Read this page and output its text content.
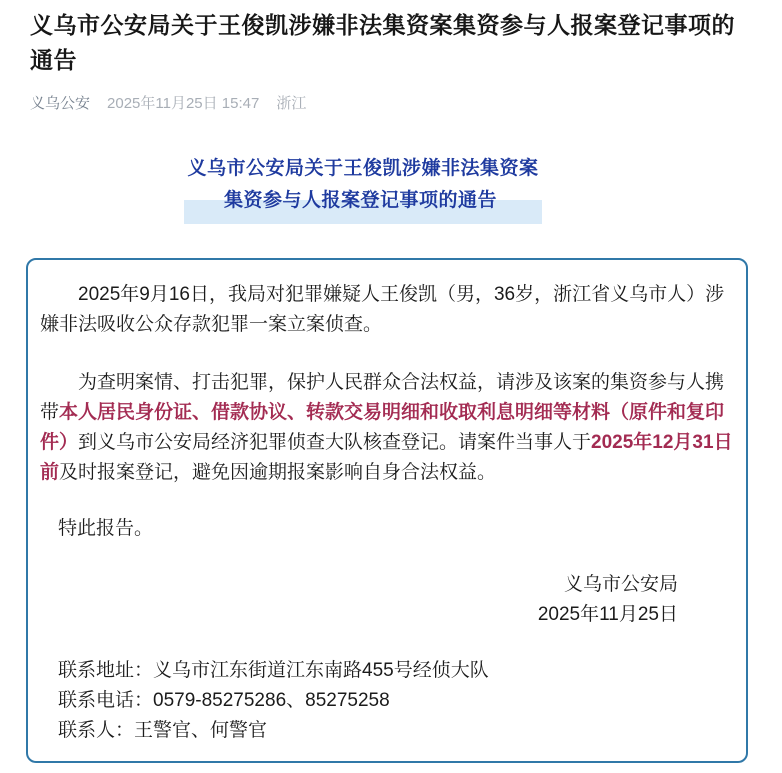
义乌市公安局关于王俊凯涉嫌非法集资案集资参与人报案登记事项的
通告
义乌公安 2025年11月25日 15:47 浙江
义乌市公安局关于王俊凯涉嫌非法集资案
集资参与人报案登记事项的通告

2025年9月16日，我局对犯罪嫌疑人王俊凯（男，36岁，浙江省义乌市人）涉嫌非法吸收公众存款犯罪一案立案侦查。

为查明案情、打击犯罪，保护人民群众合法权益，请涉及该案的集资参与人携带本人居民身份证、借款协议、转款交易明细和收取利息明细等材料（原件和复印件）到义乌市公安局经济犯罪侦查大队核查登记。请案件当事人于2025年12月31日前及时报案登记，避免因逾期报案影响自身合法权益。

特此报告。

义乌市公安局
2025年11月25日
联系地址：义乌市江东街道江东南路455号经侦大队
联系电话：0579-85275286、85275258
联系人：王警官、何警官
